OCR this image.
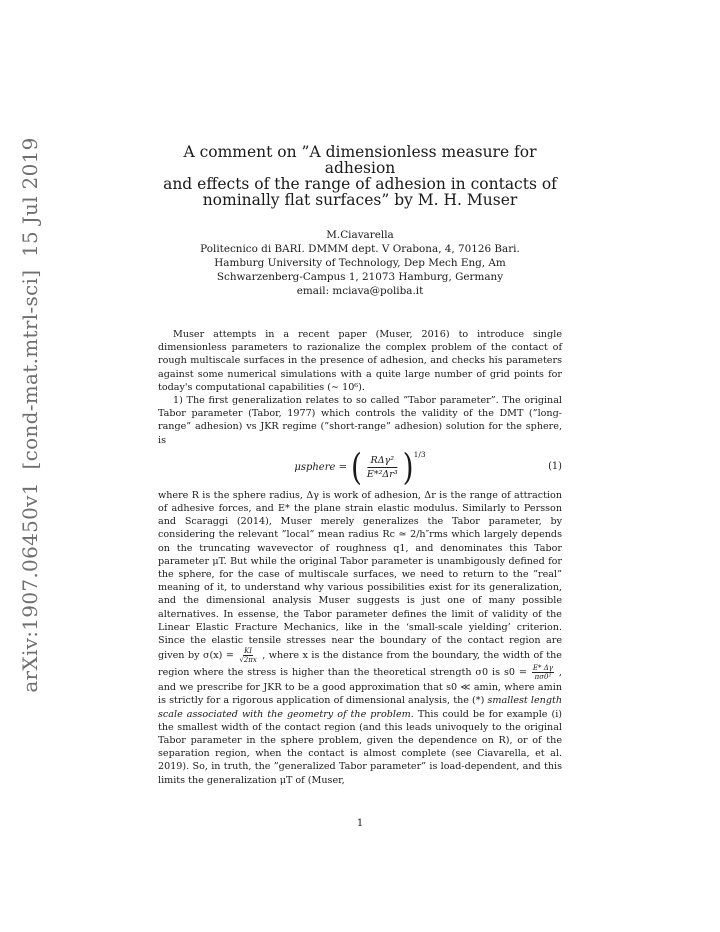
arXiv:1907.06450v1 [cond-mat.mtrl-sci] 15 Jul 2019	A comment on ”A dimensionless measure for adhesion
and effects of the range of adhesion in contacts of
nominally flat surfaces” by M. H. Muser
M.Ciavarella
Politecnico di BARI. DMMM dept. V Orabona, 4, 70126 Bari.
Hamburg University of Technology, Dep Mech Eng, Am
Schwarzenberg-Campus 1, 21073 Hamburg, Germany
email: mciava@poliba.it

Muser attempts in a recent paper (Muser, 2016) to introduce single dimensionless parameters to razionalize the complex problem of the contact of rough multiscale surfaces in the presence of adhesion, and checks his parameters against some numerical simulations with a quite large number of grid points for today's computational capabilities (∼ 10⁶).

1) The first generalization relates to so called ”Tabor parameter”. The original Tabor parameter (Tabor, 1977) which controls the validity of the DMT (”long-range” adhesion) vs JKR regime (”short-range” adhesion) solution for the sphere, is

μsphere = ( $\frac{\text{RΔγ²}}{\text{E*²Δr³}}$ ) 1/3
(1)

where R is the sphere radius, Δγ is work of adhesion, Δr is the range of attraction of adhesive forces, and E* the plane strain elastic modulus. Similarly to Persson and Scaraggi (2014), Muser merely generalizes the Tabor parameter, by considering the relevant ”local” mean radius Rc ≃ 2/h″rms which largely depends on the truncating wavevector of roughness q1, and denominates this Tabor parameter μT. But while the original Tabor parameter is unambigously defined for the sphere, for the case of multiscale surfaces, we need to return to the ”real” meaning of it, to understand why various possibilities exist for its generalization, and the dimensional analysis Muser suggests is just one of many possible alternatives. In essense, the Tabor parameter defines the limit of validity of the Linear Elastic Fracture Mechanics, like in the ‘small-scale yielding’ criterion. Since the elastic tensile stresses near the boundary of the contact region are given by $\sigma(x) = \frac{KI}{√2\pi x}$ , where x is the distance from the boundary, the width of the region where the stress is higher than the theoretical strength σ0 is $s0 = \frac{E* \Delta\gamma}{\text{πσ0²}}$ , and we prescribe for JKR to be a good approximation that s0 ≪ amin, where amin is strictly for a rigorous application of dimensional analysis, the (*) smallest length scale associated with the geometry of the problem. This could be for example (i) the smallest width of the contact region (and this leads univoquely to the original Tabor parameter in the sphere problem, given the dependence on R), or of the separation region, when the contact is almost complete (see Ciavarella, et al. 2019). So, in truth, the ”generalized Tabor parameter” is load-dependent, and this limits the generalization μT of (Muser,

1
